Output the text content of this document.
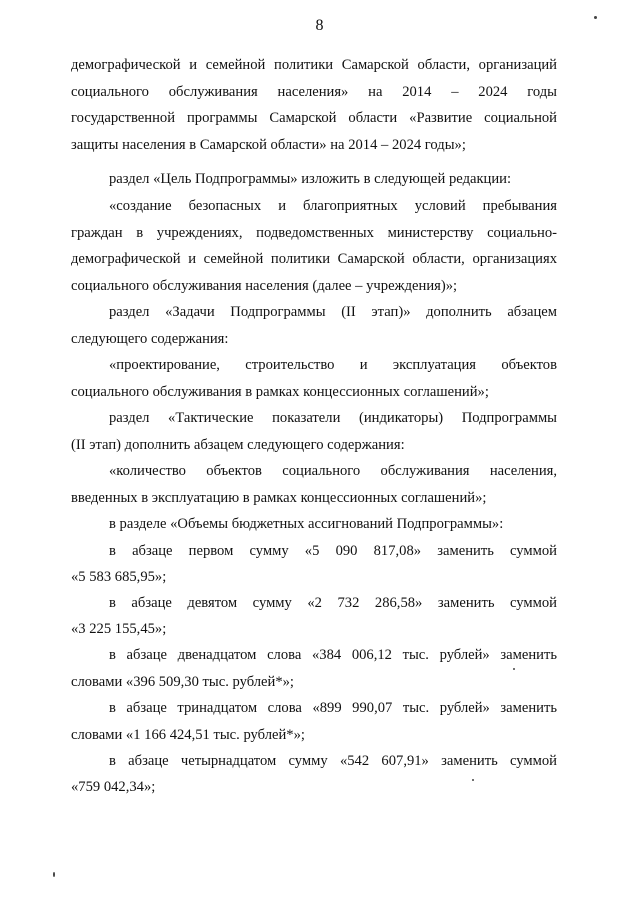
8
демографической и семейной политики Самарской области, организаций
социального обслуживания населения» на 2014 – 2024 годы
государственной программы Самарской области «Развитие социальной
защиты населения в Самарской области» на 2014 – 2024 годы»;
раздел «Цель Подпрограммы» изложить в следующей редакции:
«создание безопасных и благоприятных условий пребывания
граждан в учреждениях, подведомственных министерству социально-
демографической и семейной политики Самарской области, организациях
социального обслуживания населения (далее – учреждения)»;
раздел «Задачи Подпрограммы (II этап)» дополнить абзацем
следующего содержания:
«проектирование, строительство и эксплуатация объектов
социального обслуживания в рамках концессионных соглашений»;
раздел «Тактические показатели (индикаторы) Подпрограммы
(II этап) дополнить абзацем следующего содержания:
«количество объектов социального обслуживания населения,
введенных в эксплуатацию в рамках концессионных соглашений»;
в разделе «Объемы бюджетных ассигнований Подпрограммы»:
в абзаце первом сумму «5 090 817,08» заменить суммой
«5 583 685,95»;
в абзаце девятом сумму «2 732 286,58» заменить суммой
«3 225 155,45»;
в абзаце двенадцатом слова «384 006,12 тыс. рублей» заменить
словами «396 509,30 тыс. рублей*»;
в абзаце тринадцатом слова «899 990,07 тыс. рублей» заменить
словами «1 166 424,51 тыс. рублей*»;
в абзаце четырнадцатом сумму «542 607,91» заменить суммой
«759 042,34»;
